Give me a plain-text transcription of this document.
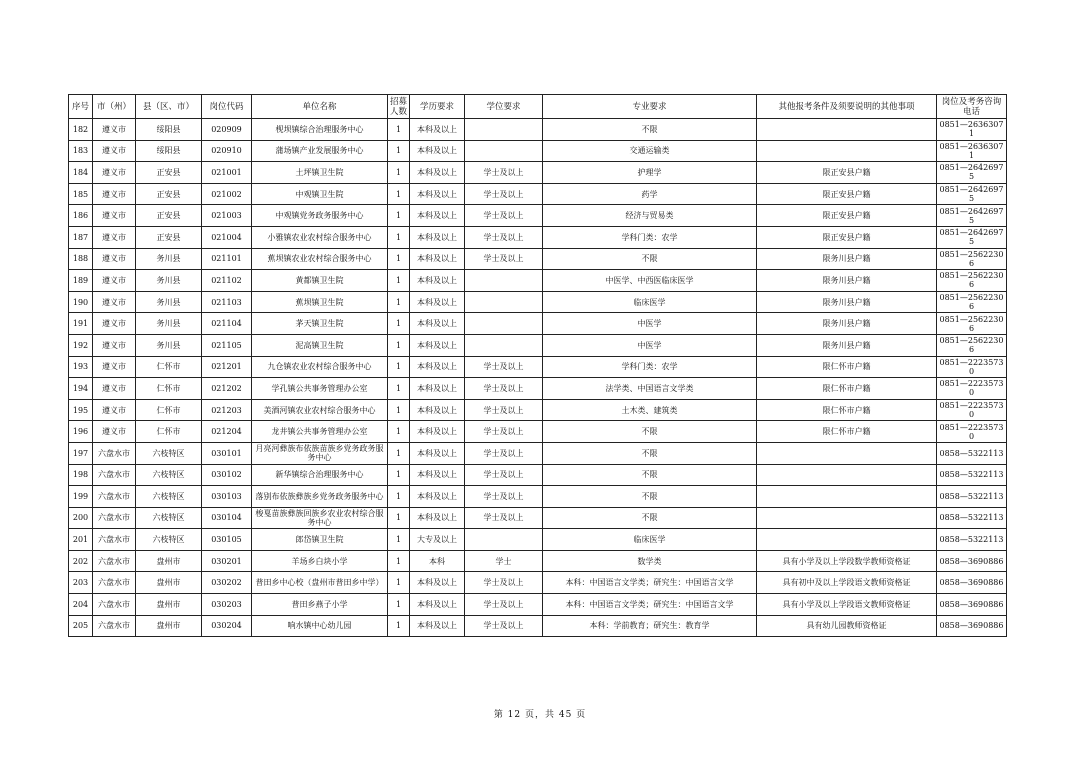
序号	市（州）	县（区、市）	岗位代码	单位名称	招募人数	学历要求	学位要求	专业要求	其他报考条件及须要说明的其他事项	岗位及考务咨询电话
182	遵义市	绥阳县	020909	枧坝镇综合治理服务中心	1	本科及以上		不限		0851—26363071
183	遵义市	绥阳县	020910	蒲场镇产业发展服务中心	1	本科及以上		交通运输类		0851—26363071
184	遵义市	正安县	021001	土坪镇卫生院	1	本科及以上	学士及以上	护理学	限正安县户籍	0851—26426975
185	遵义市	正安县	021002	中观镇卫生院	1	本科及以上	学士及以上	药学	限正安县户籍	0851—26426975
186	遵义市	正安县	021003	中观镇党务政务服务中心	1	本科及以上	学士及以上	经济与贸易类	限正安县户籍	0851—26426975
187	遵义市	正安县	021004	小雅镇农业农村综合服务中心	1	本科及以上	学士及以上	学科门类：农学	限正安县户籍	0851—26426975
188	遵义市	务川县	021101	蕉坝镇农业农村综合服务中心	1	本科及以上	学士及以上	不限	限务川县户籍	0851—25622306
189	遵义市	务川县	021102	黄都镇卫生院	1	本科及以上		中医学、中西医临床医学	限务川县户籍	0851—25622306
190	遵义市	务川县	021103	蕉坝镇卫生院	1	本科及以上		临床医学	限务川县户籍	0851—25622306
191	遵义市	务川县	021104	茅天镇卫生院	1	本科及以上		中医学	限务川县户籍	0851—25622306
192	遵义市	务川县	021105	泥高镇卫生院	1	本科及以上		中医学	限务川县户籍	0851—25622306
193	遵义市	仁怀市	021201	九仓镇农业农村综合服务中心	1	本科及以上	学士及以上	学科门类：农学	限仁怀市户籍	0851—22235730
194	遵义市	仁怀市	021202	学孔镇公共事务管理办公室	1	本科及以上	学士及以上	法学类、中国语言文学类	限仁怀市户籍	0851—22235730
195	遵义市	仁怀市	021203	美酒河镇农业农村综合服务中心	1	本科及以上	学士及以上	土木类、建筑类	限仁怀市户籍	0851—22235730
196	遵义市	仁怀市	021204	龙井镇公共事务管理办公室	1	本科及以上	学士及以上	不限	限仁怀市户籍	0851—22235730
197	六盘水市	六枝特区	030101	月亮河彝族布依族苗族乡党务政务服务中心	1	本科及以上	学士及以上	不限		0858—5322113
198	六盘水市	六枝特区	030102	新华镇综合治理服务中心	1	本科及以上	学士及以上	不限		0858—5322113
199	六盘水市	六枝特区	030103	落别布依族彝族乡党务政务服务中心	1	本科及以上	学士及以上	不限		0858—5322113
200	六盘水市	六枝特区	030104	梭戛苗族彝族回族乡农业农村综合服务中心	1	本科及以上	学士及以上	不限		0858—5322113
201	六盘水市	六枝特区	030105	郎岱镇卫生院	1	大专及以上		临床医学		0858—5322113
202	六盘水市	盘州市	030201	羊场乡白块小学	1	本科	学士	数学类	具有小学及以上学段数学教师资格证	0858—3690886
203	六盘水市	盘州市	030202	普田乡中心校（盘州市普田乡中学）	1	本科及以上	学士及以上	本科：中国语言文学类；研究生：中国语言文学	具有初中及以上学段语文教师资格证	0858—3690886
204	六盘水市	盘州市	030203	普田乡燕子小学	1	本科及以上	学士及以上	本科：中国语言文学类；研究生：中国语言文学	具有小学及以上学段语文教师资格证	0858—3690886
205	六盘水市	盘州市	030204	响水镇中心幼儿园	1	本科及以上	学士及以上	本科：学前教育；研究生：教育学	具有幼儿园教师资格证	0858—3690886
第 12 页，共 45 页
